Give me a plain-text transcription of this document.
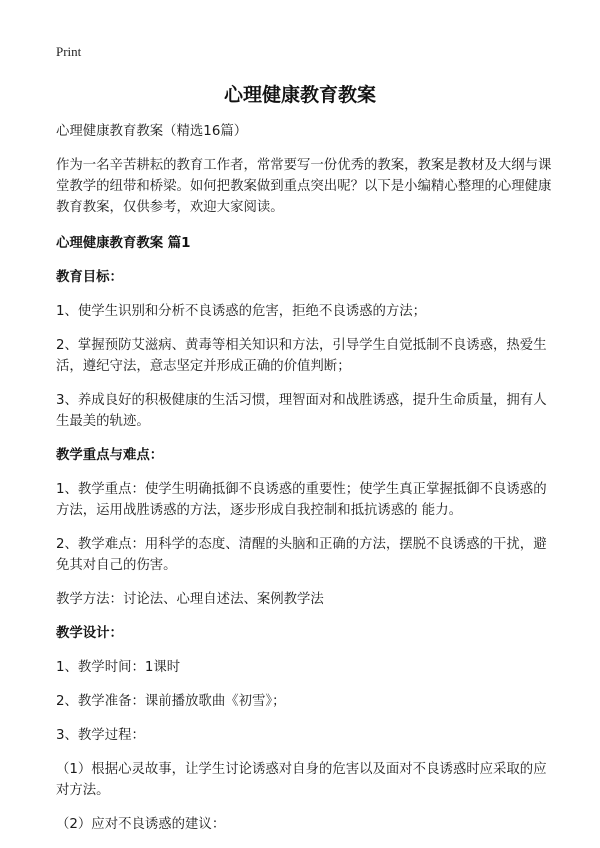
Print
心理健康教育教案

心理健康教育教案（精选16篇）

作为一名辛苦耕耘的教育工作者，常常要写一份优秀的教案，教案是教材及大纲与课堂教学的纽带和桥梁。如何把教案做到重点突出呢？以下是小编精心整理的心理健康教育教案，仅供参考，欢迎大家阅读。

心理健康教育教案 篇1

教育目标：

1、使学生识别和分析不良诱惑的危害，拒绝不良诱惑的方法；

2、掌握预防艾滋病、黄毒等相关知识和方法，引导学生自觉抵制不良诱惑，热爱生活，遵纪守法，意志坚定并形成正确的价值判断；

3、养成良好的积极健康的生活习惯，理智面对和战胜诱惑，提升生命质量，拥有人生最美的轨迹。

教学重点与难点：

1、教学重点：使学生明确抵御不良诱惑的重要性；使学生真正掌握抵御不良诱惑的方法，运用战胜诱惑的方法，逐步形成自我控制和抵抗诱惑的 能力。

2、教学难点：用科学的态度、清醒的头脑和正确的方法，摆脱不良诱惑的干扰，避免其对自己的伤害。

教学方法：讨论法、心理自述法、案例教学法

教学设计：

1、教学时间：1课时

2、教学准备：课前播放歌曲《初雪》；

3、教学过程：

（1）根据心灵故事，让学生讨论诱惑对自身的危害以及面对不良诱惑时应采取的应对方法。

（2）应对不良诱惑的建议：
